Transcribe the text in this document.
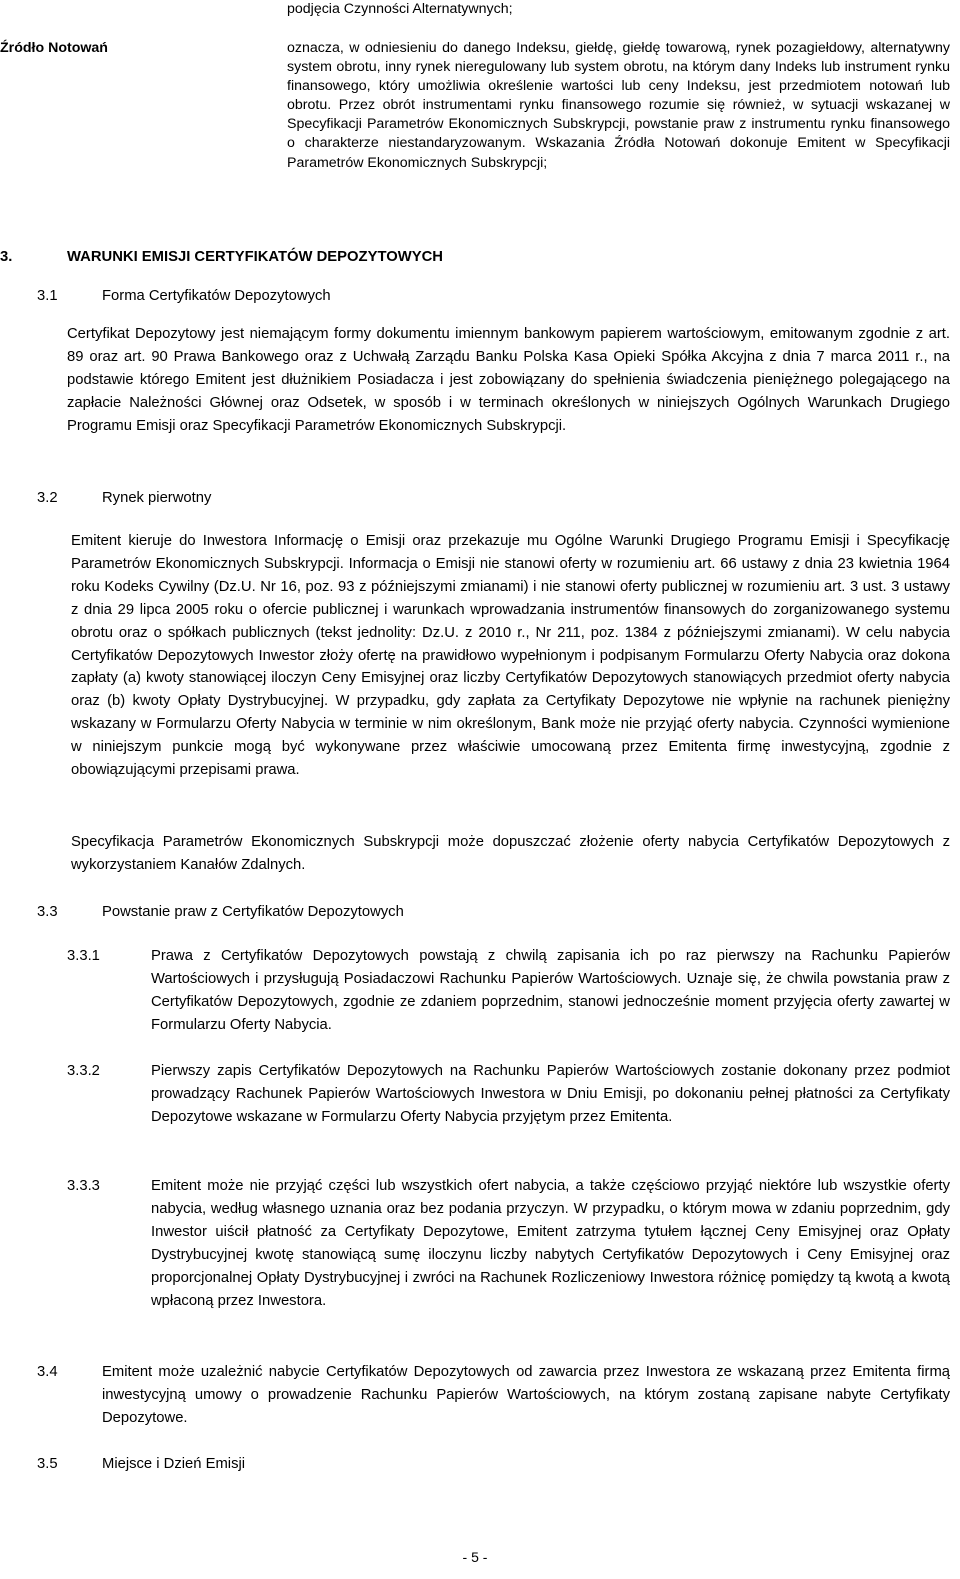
podjęcia Czynności Alternatywnych;
Źródło Notowań	oznacza, w odniesieniu do danego Indeksu, giełdę, giełdę towarową, rynek pozagiełdowy, alternatywny system obrotu, inny rynek nieregulowany lub system obrotu, na którym dany Indeks lub instrument rynku finansowego, który umożliwia określenie wartości lub ceny Indeksu, jest przedmiotem notowań lub obrotu. Przez obrót instrumentami rynku finansowego rozumie się również, w sytuacji wskazanej w Specyfikacji Parametrów Ekonomicznych Subskrypcji, powstanie praw z instrumentu rynku finansowego o charakterze niestandaryzowanym. Wskazania Źródła Notowań dokonuje Emitent w Specyfikacji Parametrów Ekonomicznych Subskrypcji;
3.	WARUNKI EMISJI CERTYFIKATÓW DEPOZYTOWYCH
3.1	Forma Certyfikatów Depozytowych
Certyfikat Depozytowy jest niemającym formy dokumentu imiennym bankowym papierem wartościowym, emitowanym zgodnie z art. 89 oraz art. 90 Prawa Bankowego oraz z Uchwałą Zarządu Banku Polska Kasa Opieki Spółka Akcyjna z dnia 7 marca 2011 r., na podstawie którego Emitent jest dłużnikiem Posiadacza i jest zobowiązany do spełnienia świadczenia pieniężnego polegającego na zapłacie Należności Głównej oraz Odsetek, w sposób i w terminach określonych w niniejszych Ogólnych Warunkach Drugiego Programu Emisji oraz Specyfikacji Parametrów Ekonomicznych Subskrypcji.
3.2	Rynek pierwotny
Emitent kieruje do Inwestora Informację o Emisji oraz przekazuje mu Ogólne Warunki Drugiego Programu Emisji i Specyfikację Parametrów Ekonomicznych Subskrypcji. Informacja o Emisji nie stanowi oferty w rozumieniu art. 66 ustawy z dnia 23 kwietnia 1964 roku Kodeks Cywilny (Dz.U. Nr 16, poz. 93 z późniejszymi zmianami) i nie stanowi oferty publicznej w rozumieniu art. 3 ust. 3 ustawy z dnia 29 lipca 2005 roku o ofercie publicznej i warunkach wprowadzania instrumentów finansowych do zorganizowanego systemu obrotu oraz o spółkach publicznych (tekst jednolity: Dz.U. z 2010 r., Nr 211, poz. 1384 z późniejszymi zmianami). W celu nabycia Certyfikatów Depozytowych Inwestor złoży ofertę na prawidłowo wypełnionym i podpisanym Formularzu Oferty Nabycia oraz dokona zapłaty (a) kwoty stanowiącej iloczyn Ceny Emisyjnej oraz liczby Certyfikatów Depozytowych stanowiących przedmiot oferty nabycia oraz (b) kwoty Opłaty Dystrybucyjnej. W przypadku, gdy zapłata za Certyfikaty Depozytowe nie wpłynie na rachunek pieniężny wskazany w Formularzu Oferty Nabycia w terminie w nim określonym, Bank może nie przyjąć oferty nabycia. Czynności wymienione w niniejszym punkcie mogą być wykonywane przez właściwie umocowaną przez Emitenta firmę inwestycyjną, zgodnie z obowiązującymi przepisami prawa.
Specyfikacja Parametrów Ekonomicznych Subskrypcji może dopuszczać złożenie oferty nabycia Certyfikatów Depozytowych z wykorzystaniem Kanałów Zdalnych.
3.3	Powstanie praw z Certyfikatów Depozytowych
3.3.1	Prawa z Certyfikatów Depozytowych powstają z chwilą zapisania ich po raz pierwszy na Rachunku Papierów Wartościowych i przysługują Posiadaczowi Rachunku Papierów Wartościowych. Uznaje się, że chwila powstania praw z Certyfikatów Depozytowych, zgodnie ze zdaniem poprzednim, stanowi jednocześnie moment przyjęcia oferty zawartej w Formularzu Oferty Nabycia.
3.3.2	Pierwszy zapis Certyfikatów Depozytowych na Rachunku Papierów Wartościowych zostanie dokonany przez podmiot prowadzący Rachunek Papierów Wartościowych Inwestora w Dniu Emisji, po dokonaniu pełnej płatności za Certyfikaty Depozytowe wskazane w Formularzu Oferty Nabycia przyjętym przez Emitenta.
3.3.3	Emitent może nie przyjąć części lub wszystkich ofert nabycia, a także częściowo przyjąć niektóre lub wszystkie oferty nabycia, według własnego uznania oraz bez podania przyczyn. W przypadku, o którym mowa w zdaniu poprzednim, gdy Inwestor uiścił płatność za Certyfikaty Depozytowe, Emitent zatrzyma tytułem łącznej Ceny Emisyjnej oraz Opłaty Dystrybucyjnej kwotę stanowiącą sumę iloczynu liczby nabytych Certyfikatów Depozytowych i Ceny Emisyjnej oraz proporcjonalnej Opłaty Dystrybucyjnej i zwróci na Rachunek Rozliczeniowy Inwestora różnicę pomiędzy tą kwotą a kwotą wpłaconą przez Inwestora.
3.4	Emitent może uzależnić nabycie Certyfikatów Depozytowych od zawarcia przez Inwestora ze wskazaną przez Emitenta firmą inwestycyjną umowy o prowadzenie Rachunku Papierów Wartościowych, na którym zostaną zapisane nabyte Certyfikaty Depozytowe.
3.5	Miejsce i Dzień Emisji
- 5 -
